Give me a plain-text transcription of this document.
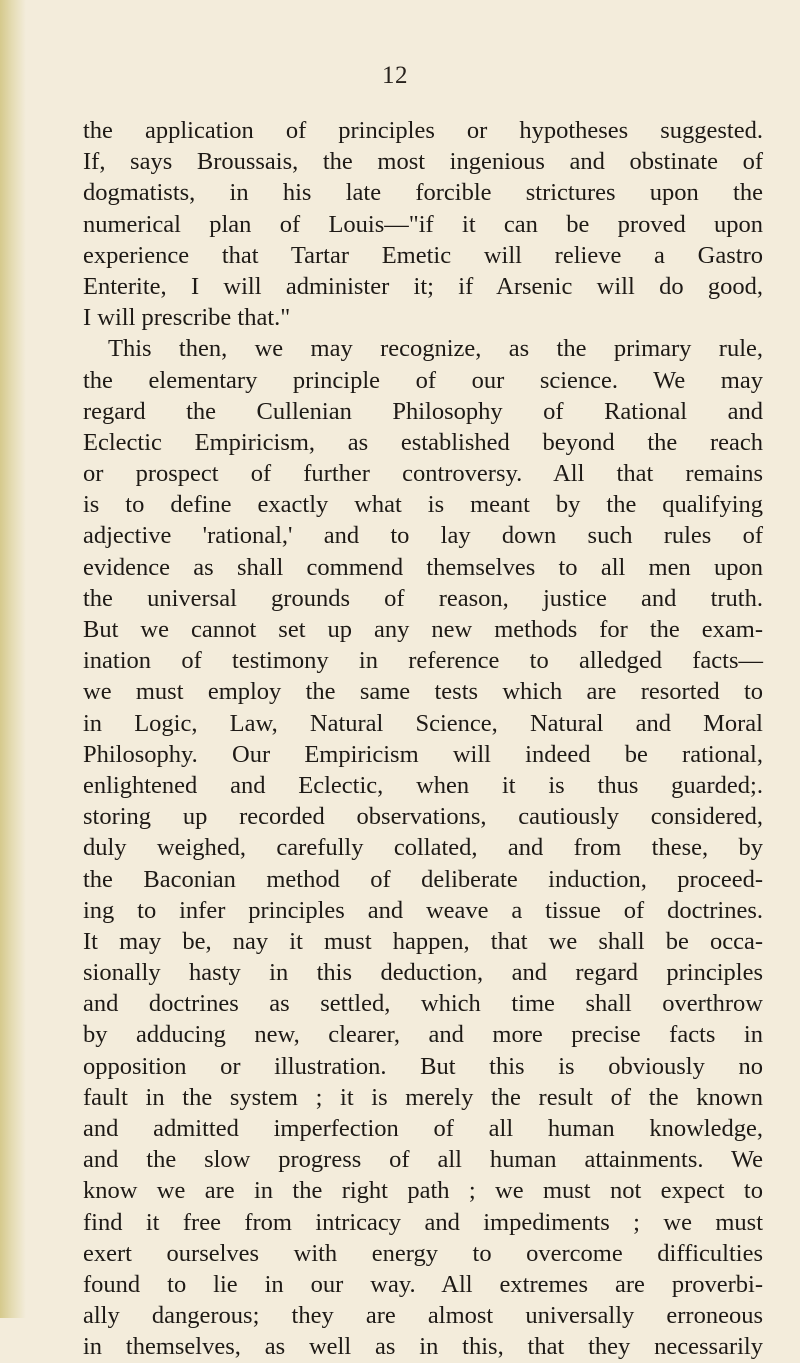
12
the application of principles or hypotheses suggested.
If, says Broussais, the most ingenious and obstinate of
dogmatists, in his late forcible strictures upon the
numerical plan of Louis—"if it can be proved upon
experience that Tartar Emetic will relieve a Gastro
Enterite, I will administer it; if Arsenic will do good,
I will prescribe that."
This then, we may recognize, as the primary rule,
the elementary principle of our science. We may
regard the Cullenian Philosophy of Rational and
Eclectic Empiricism, as established beyond the reach
or prospect of further controversy. All that remains
is to define exactly what is meant by the qualifying
adjective 'rational,' and to lay down such rules of
evidence as shall commend themselves to all men upon
the universal grounds of reason, justice and truth.
But we cannot set up any new methods for the exam-
ination of testimony in reference to alledged facts—
we must employ the same tests which are resorted to
in Logic, Law, Natural Science, Natural and Moral
Philosophy. Our Empiricism will indeed be rational,
enlightened and Eclectic, when it is thus guarded;.
storing up recorded observations, cautiously considered,
duly weighed, carefully collated, and from these, by
the Baconian method of deliberate induction, proceed-
ing to infer principles and weave a tissue of doctrines.
It may be, nay it must happen, that we shall be occa-
sionally hasty in this deduction, and regard principles
and doctrines as settled, which time shall overthrow
by adducing new, clearer, and more precise facts in
opposition or illustration. But this is obviously no
fault in the system ; it is merely the result of the known
and admitted imperfection of all human knowledge,
and the slow progress of all human attainments. We
know we are in the right path ; we must not expect to
find it free from intricacy and impediments ; we must
exert ourselves with energy to overcome difficulties
found to lie in our way. All extremes are proverbi-
ally dangerous; they are almost universally erroneous
in themselves, as well as in this, that they necessarily
